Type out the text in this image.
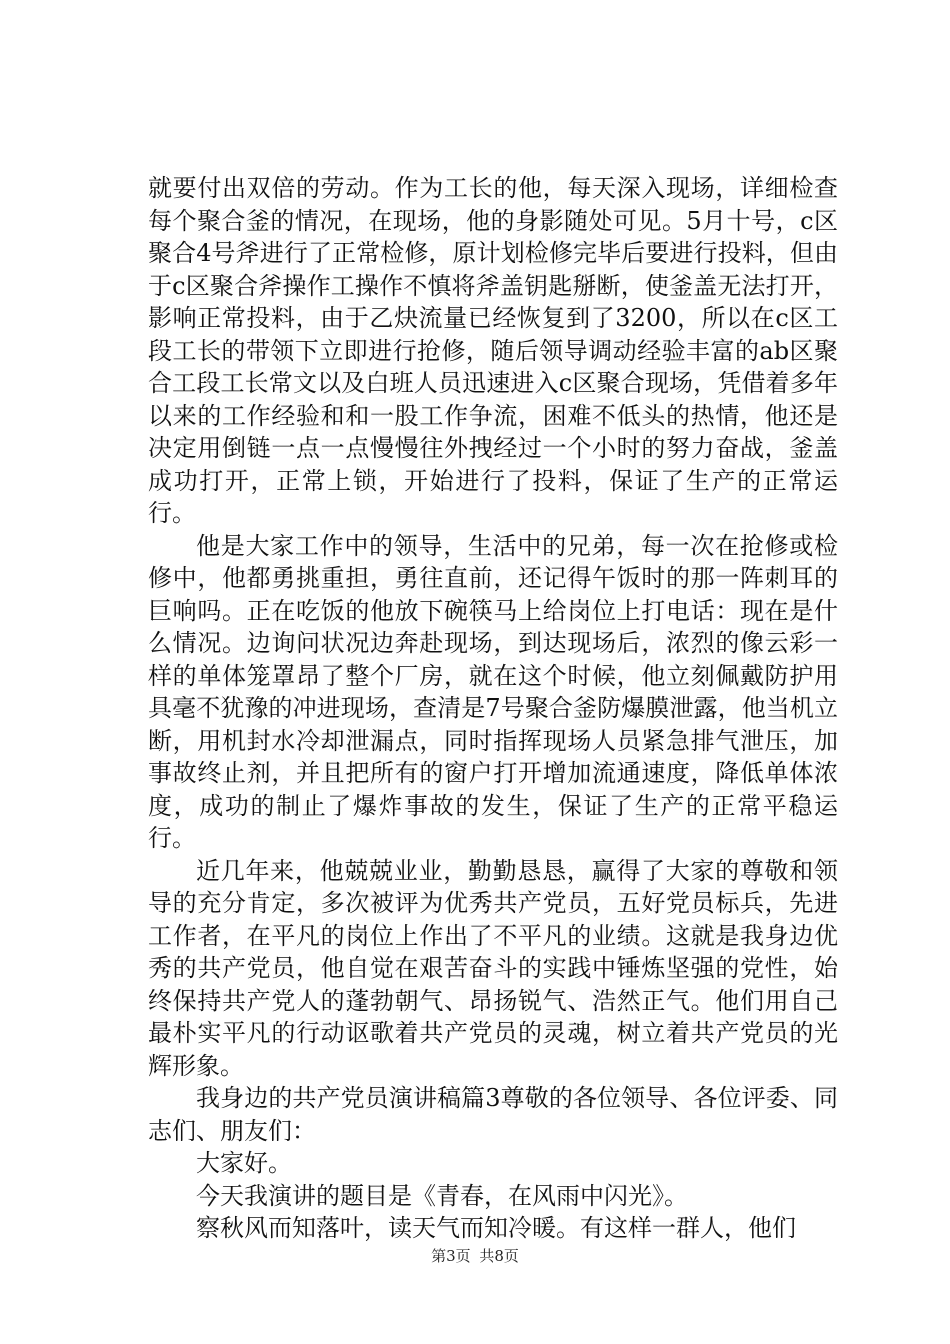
就要付出双倍的劳动。作为工长的他，每天深入现场，详细检查每个聚合釜的情况，在现场，他的身影随处可见。5月十号，c区聚合4号斧进行了正常检修，原计划检修完毕后要进行投料，但由于c区聚合斧操作工操作不慎将斧盖钥匙掰断，使釜盖无法打开，影响正常投料，由于乙炔流量已经恢复到了3200，所以在c区工段工长的带领下立即进行抢修，随后领导调动经验丰富的ab区聚合工段工长常文以及白班人员迅速进入c区聚合现场，凭借着多年以来的工作经验和和一股工作争流，困难不低头的热情，他还是决定用倒链一点一点慢慢往外拽经过一个小时的努力奋战，釜盖成功打开，正常上锁，开始进行了投料，保证了生产的正常运行。

他是大家工作中的领导，生活中的兄弟，每一次在抢修或检修中，他都勇挑重担，勇往直前，还记得午饭时的那一阵刺耳的巨响吗。正在吃饭的他放下碗筷马上给岗位上打电话：现在是什么情况。边询问状况边奔赴现场，到达现场后，浓烈的像云彩一样的单体笼罩昂了整个厂房，就在这个时候，他立刻佩戴防护用具毫不犹豫的冲进现场，查清是7号聚合釜防爆膜泄露，他当机立断，用机封水冷却泄漏点，同时指挥现场人员紧急排气泄压，加事故终止剂，并且把所有的窗户打开增加流通速度，降低单体浓度，成功的制止了爆炸事故的发生，保证了生产的正常平稳运行。

近几年来，他兢兢业业，勤勤恳恳，赢得了大家的尊敬和领导的充分肯定，多次被评为优秀共产党员，五好党员标兵，先进工作者，在平凡的岗位上作出了不平凡的业绩。这就是我身边优秀的共产党员，他自觉在艰苦奋斗的实践中锤炼坚强的党性，始终保持共产党人的蓬勃朝气、昂扬锐气、浩然正气。他们用自己最朴实平凡的行动讴歌着共产党员的灵魂，树立着共产党员的光辉形象。

我身边的共产党员演讲稿篇3尊敬的各位领导、各位评委、同志们、朋友们：

大家好。

今天我演讲的题目是《青春，在风雨中闪光》。

察秋风而知落叶，读天气而知冷暖。有这样一群人，他们

第3页 共8页
